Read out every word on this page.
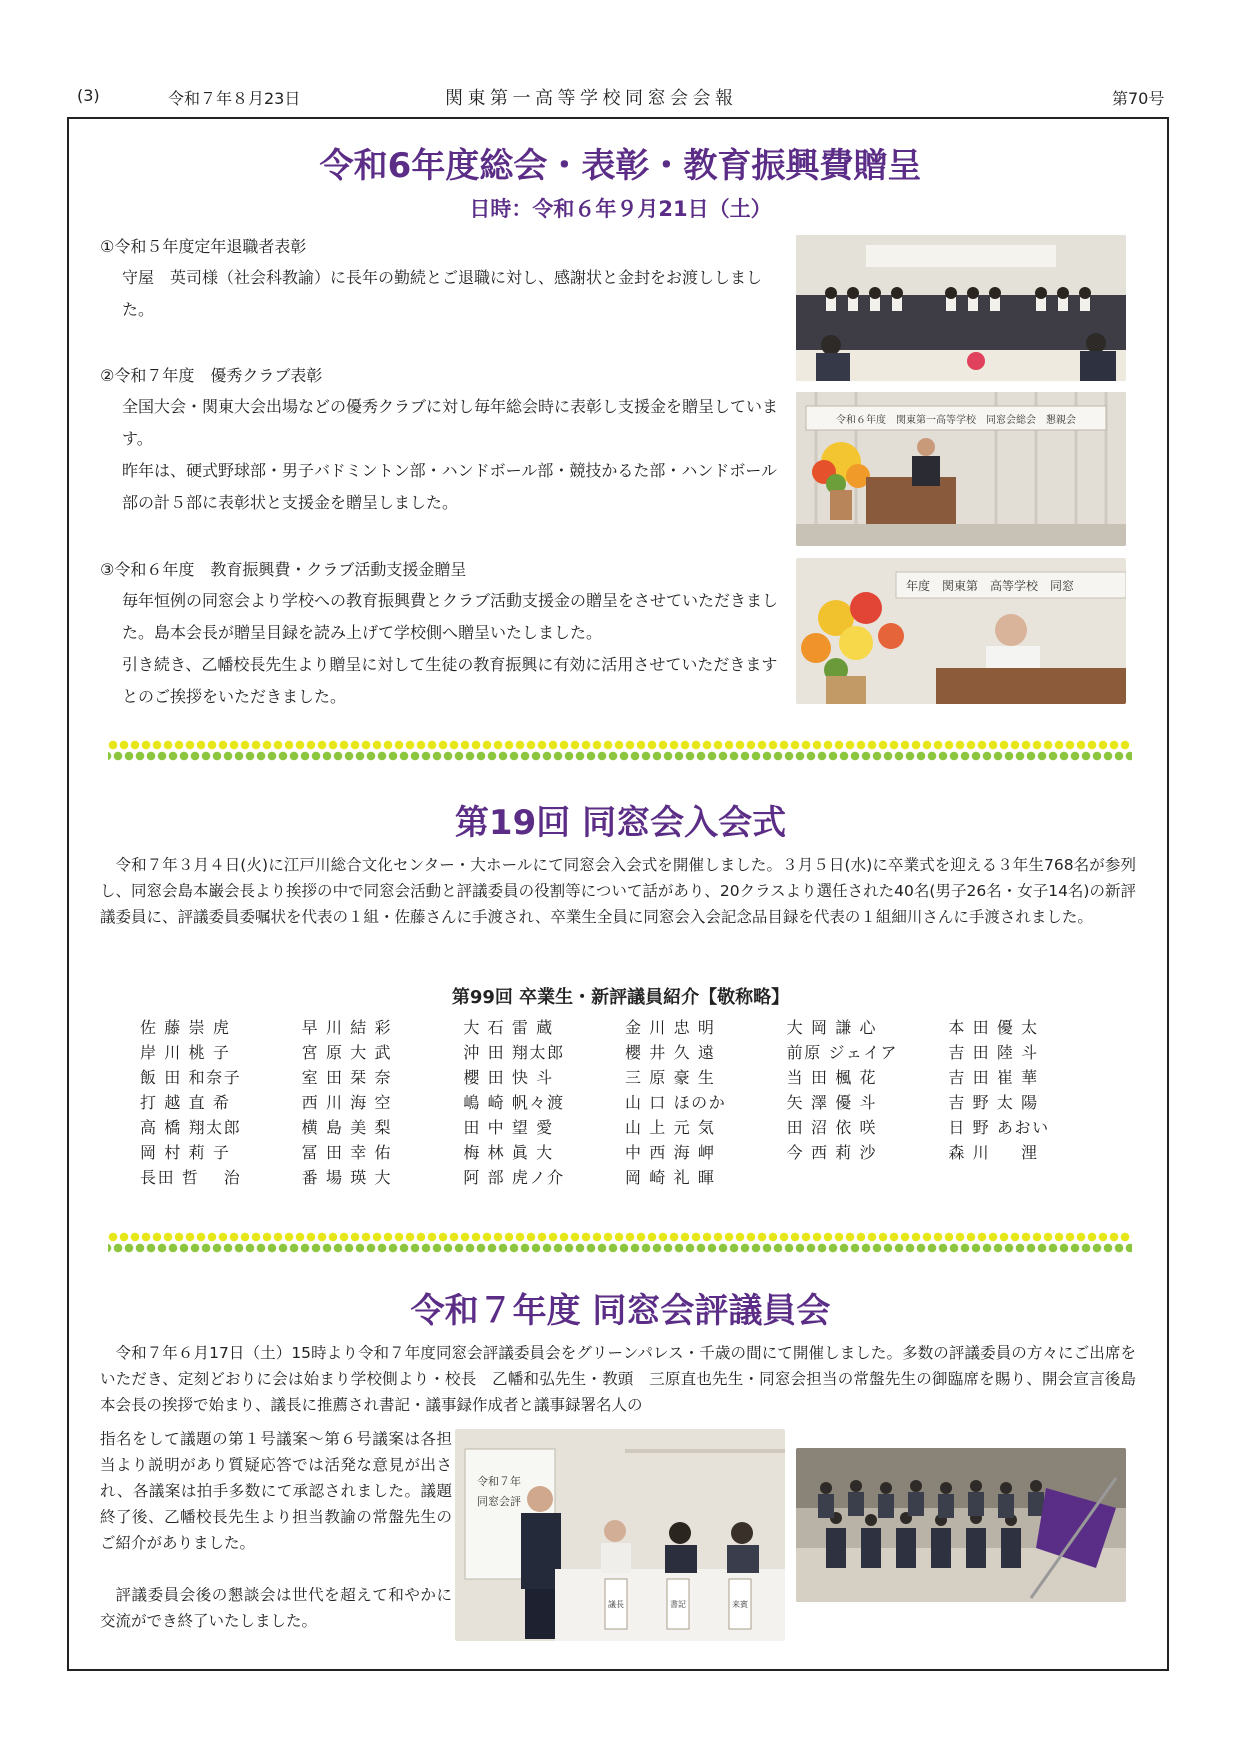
(3)	令和７年８月23日	関東第一高等学校同窓会会報	第70号
令和6年度総会・表彰・教育振興費贈呈
日時：令和６年９月21日（土）
①令和５年度定年退職者表彰
守屋　英司様（社会科教諭）に長年の勤続とご退職に対し、感謝状と金封をお渡ししました。
②令和７年度　優秀クラブ表彰
全国大会・関東大会出場などの優秀クラブに対し毎年総会時に表彰し支援金を贈呈しています。
昨年は、硬式野球部・男子バドミントン部・ハンドボール部・競技かるた部・ハンドボール部の計５部に表彰状と支援金を贈呈しました。
③令和６年度　教育振興費・クラブ活動支援金贈呈
毎年恒例の同窓会より学校への教育振興費とクラブ活動支援金の贈呈をさせていただきました。島本会長が贈呈目録を読み上げて学校側へ贈呈いたしました。
引き続き、乙幡校長先生より贈呈に対して生徒の教育振興に有効に活用させていただきますとのご挨拶をいただきました。
令和６年度　関東第一高等学校　同窓会総会　懇親会
年度　関東第　高等学校　同窓
第19回 同窓会入会式
令和７年３月４日(火)に江戸川総合文化センター・大ホールにて同窓会入会式を開催しました。３月５日(水)に卒業式を迎える３年生768名が参列し、同窓会島本巌会長より挨拶の中で同窓会活動と評議委員の役割等について話があり、20クラスより選任された40名(男子26名・女子14名)の新評議委員に、評議委員委嘱状を代表の１組・佐藤さんに手渡され、卒業生全員に同窓会入会記念品目録を代表の１組細川さんに手渡されました。
第99回 卒業生・新評議員紹介【敬称略】
佐 藤 崇 虎	早 川 結 彩	大 石 雷 蔵	金 川 忠 明	大 岡 謙 心	本 田 優 太
岸 川 桃 子	宮 原 大 武	沖 田 翔太郎	櫻 井 久 遠	前原 ジェイア	吉 田 陸 斗
飯 田 和奈子	室 田 栞 奈	櫻 田 快 斗	三 原 豪 生	当 田 楓 花	吉 田 崔 華
打 越 直 希	西 川 海 空	嶋 崎 帆々渡	山 口 ほのか	矢 澤 優 斗	吉 野 太 陽
高 橋 翔太郎	横 島 美 梨	田 中 望 愛	山 上 元 気	田 沼 依 咲	日 野 あおい
岡 村 莉 子	冨 田 幸 佑	梅 林 眞 大	中 西 海 岬	今 西 莉 沙	森 川 　 浬
長田 哲 　治	番 場 瑛 大	阿 部 虎ノ介	岡 崎 礼 暉
令和７年度 同窓会評議員会
令和７年６月17日（土）15時より令和７年度同窓会評議委員会をグリーンパレス・千歳の間にて開催しました。多数の評議委員の方々にご出席をいただき、定刻どおりに会は始まり学校側より・校長　乙幡和弘先生・教頭　三原直也先生・同窓会担当の常盤先生の御臨席を賜り、開会宣言後島本会長の挨拶で始まり、議長に推薦され書記・議事録作成者と議事録署名人の
指名をして議題の第１号議案～第６号議案は各担当より説明があり質疑応答では活発な意見が出され、各議案は拍手多数にて承認されました。議題終了後、乙幡校長先生より担当教諭の常盤先生のご紹介がありました。
評議委員会後の懇談会は世代を超えて和やかに交流ができ終了いたしました。
令和７年
同窓会評
議長	書記	来賓
